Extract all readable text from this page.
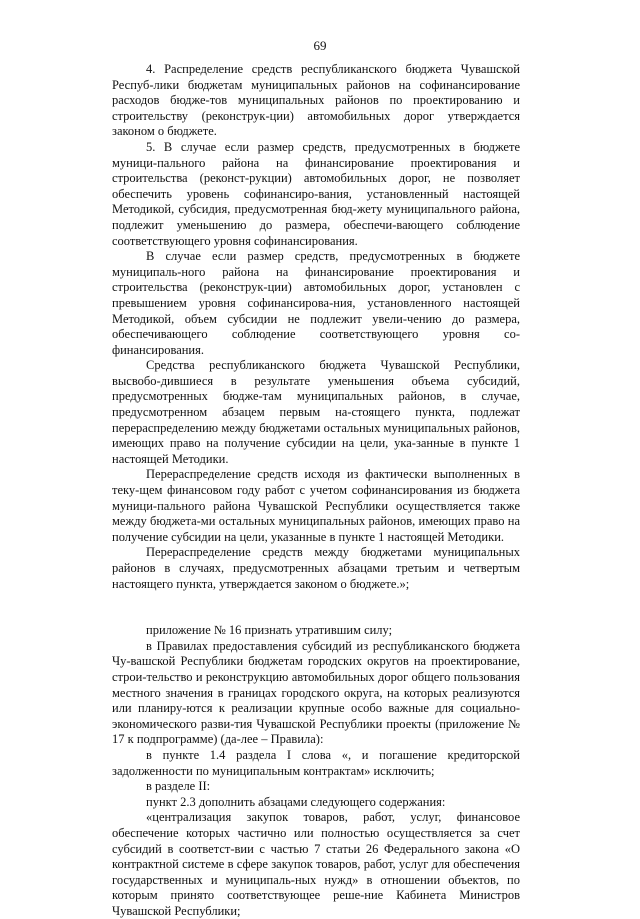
69

4. Распределение средств республиканского бюджета Чувашской Респуб-лики бюджетам муниципальных районов на софинансирование расходов бюдже-тов муниципальных районов по проектированию и строительству (реконструк-ции) автомобильных дорог утверждается законом о бюджете.

5. В случае если размер средств, предусмотренных в бюджете муници-пального района на финансирование проектирования и строительства (реконст-рукции) автомобильных дорог, не позволяет обеспечить уровень софинансиро-вания, установленный настоящей Методикой, субсидия, предусмотренная бюд-жету муниципального района, подлежит уменьшению до размера, обеспечи-вающего соблюдение соответствующего уровня софинансирования.

В случае если размер средств, предусмотренных в бюджете муниципаль-ного района на финансирование проектирования и строительства (реконструк-ции) автомобильных дорог, установлен с превышением уровня софинансирова-ния, установленного настоящей Методикой, объем субсидии не подлежит увели-чению до размера, обеспечивающего соблюдение соответствующего уровня со-финансирования.

Средства республиканского бюджета Чувашской Республики, высвобо-дившиеся в результате уменьшения объема субсидий, предусмотренных бюдже-там муниципальных районов, в случае, предусмотренном абзацем первым на-стоящего пункта, подлежат перераспределению между бюджетами остальных муниципальных районов, имеющих право на получение субсидии на цели, ука-занные в пункте 1 настоящей Методики.

Перераспределение средств исходя из фактически выполненных в теку-щем финансовом году работ с учетом софинансирования из бюджета муници-пального района Чувашской Республики осуществляется также между бюджета-ми остальных муниципальных районов, имеющих право на получение субсидии на цели, указанные в пункте 1 настоящей Методики.

Перераспределение средств между бюджетами муниципальных районов в случаях, предусмотренных абзацами третьим и четвертым настоящего пункта, утверждается законом о бюджете.»;

приложение № 16 признать утратившим силу;

в Правилах предоставления субсидий из республиканского бюджета Чу-вашской Республики бюджетам городских округов на проектирование, строи-тельство и реконструкцию автомобильных дорог общего пользования местного значения в границах городского округа, на которых реализуются или планиру-ются к реализации крупные особо важные для социально-экономического разви-тия Чувашской Республики проекты (приложение № 17 к подпрограмме) (да-лее – Правила):

в пункте 1.4 раздела I слова «, и погашение кредиторской задолженности по муниципальным контрактам» исключить;

в разделе II:

пункт 2.3 дополнить абзацами следующего содержания:

«централизация закупок товаров, работ, услуг, финансовое обеспечение которых частично или полностью осуществляется за счет субсидий в соответст-вии с частью 7 статьи 26 Федерального закона «О контрактной системе в сфере закупок товаров, работ, услуг для обеспечения государственных и муниципаль-ных нужд» в отношении объектов, по которым принято соответствующее реше-ние Кабинета Министров Чувашской Республики;
